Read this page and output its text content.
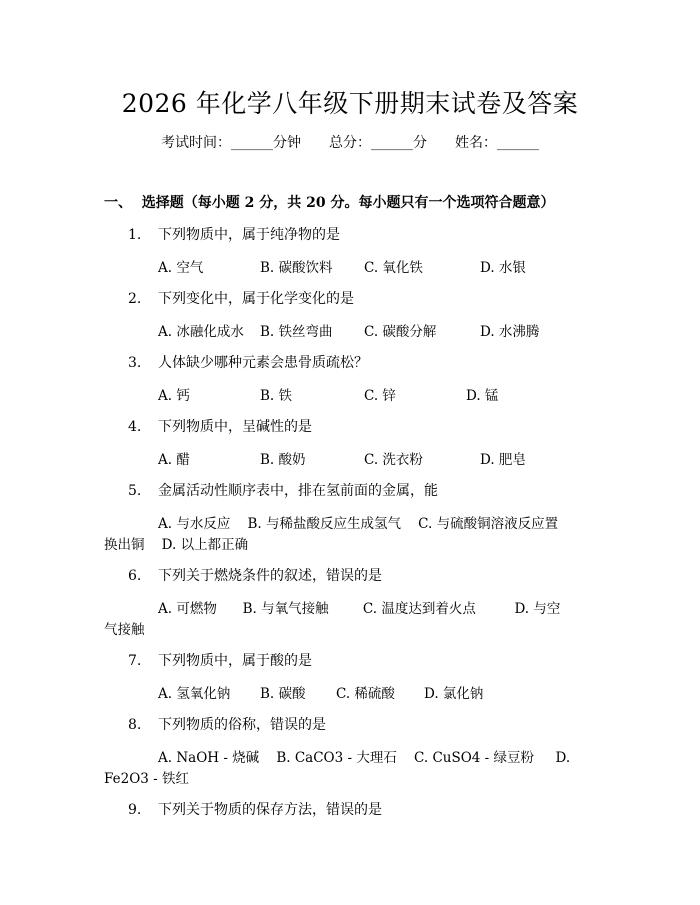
2026 年化学八年级下册期末试卷及答案
考试时间：______分钟 总分：______分 姓名：______
一、  选择题（每小题 2 分，共 20 分。每小题只有一个选项符合题意）
1. 下列物质中，属于纯净物的是

A. 空气

	B. 碳酸饮料

C. 氧化铁

	D. 水银

2. 下列变化中，属于化学变化的是

A. 冰融化成水

B. 铁丝弯曲

C. 碳酸分解

	D. 水沸腾

3. 人体缺少哪种元素会患骨质疏松？

A. 钙

	B. 铁

	C. 锌

	D. 锰

4. 下列物质中，呈碱性的是

A. 醋

	B. 酸奶

	C. 洗衣粉

	D. 肥皂

5. 金属活动性顺序表中，排在氢前面的金属，能
A. 与水反应    B. 与稀盐酸反应生成氢气    C. 与硫酸铜溶液反应置
换出铜    D. 以上都正确
6. 下列关于燃烧条件的叙述，错误的是
A. 可燃物      B. 与氧气接触        C. 温度达到着火点         D. 与空
气接触
7. 下列物质中，属于酸的是

A. 氢氧化钠

B. 碳酸

C. 稀硫酸

D. 氯化钠

8. 下列物质的俗称，错误的是
A. NaOH - 烧碱    B. CaCO3 - 大理石    C. CuSO4 - 绿豆粉     D.
Fe2O3 - 铁红
9. 下列关于物质的保存方法，错误的是
